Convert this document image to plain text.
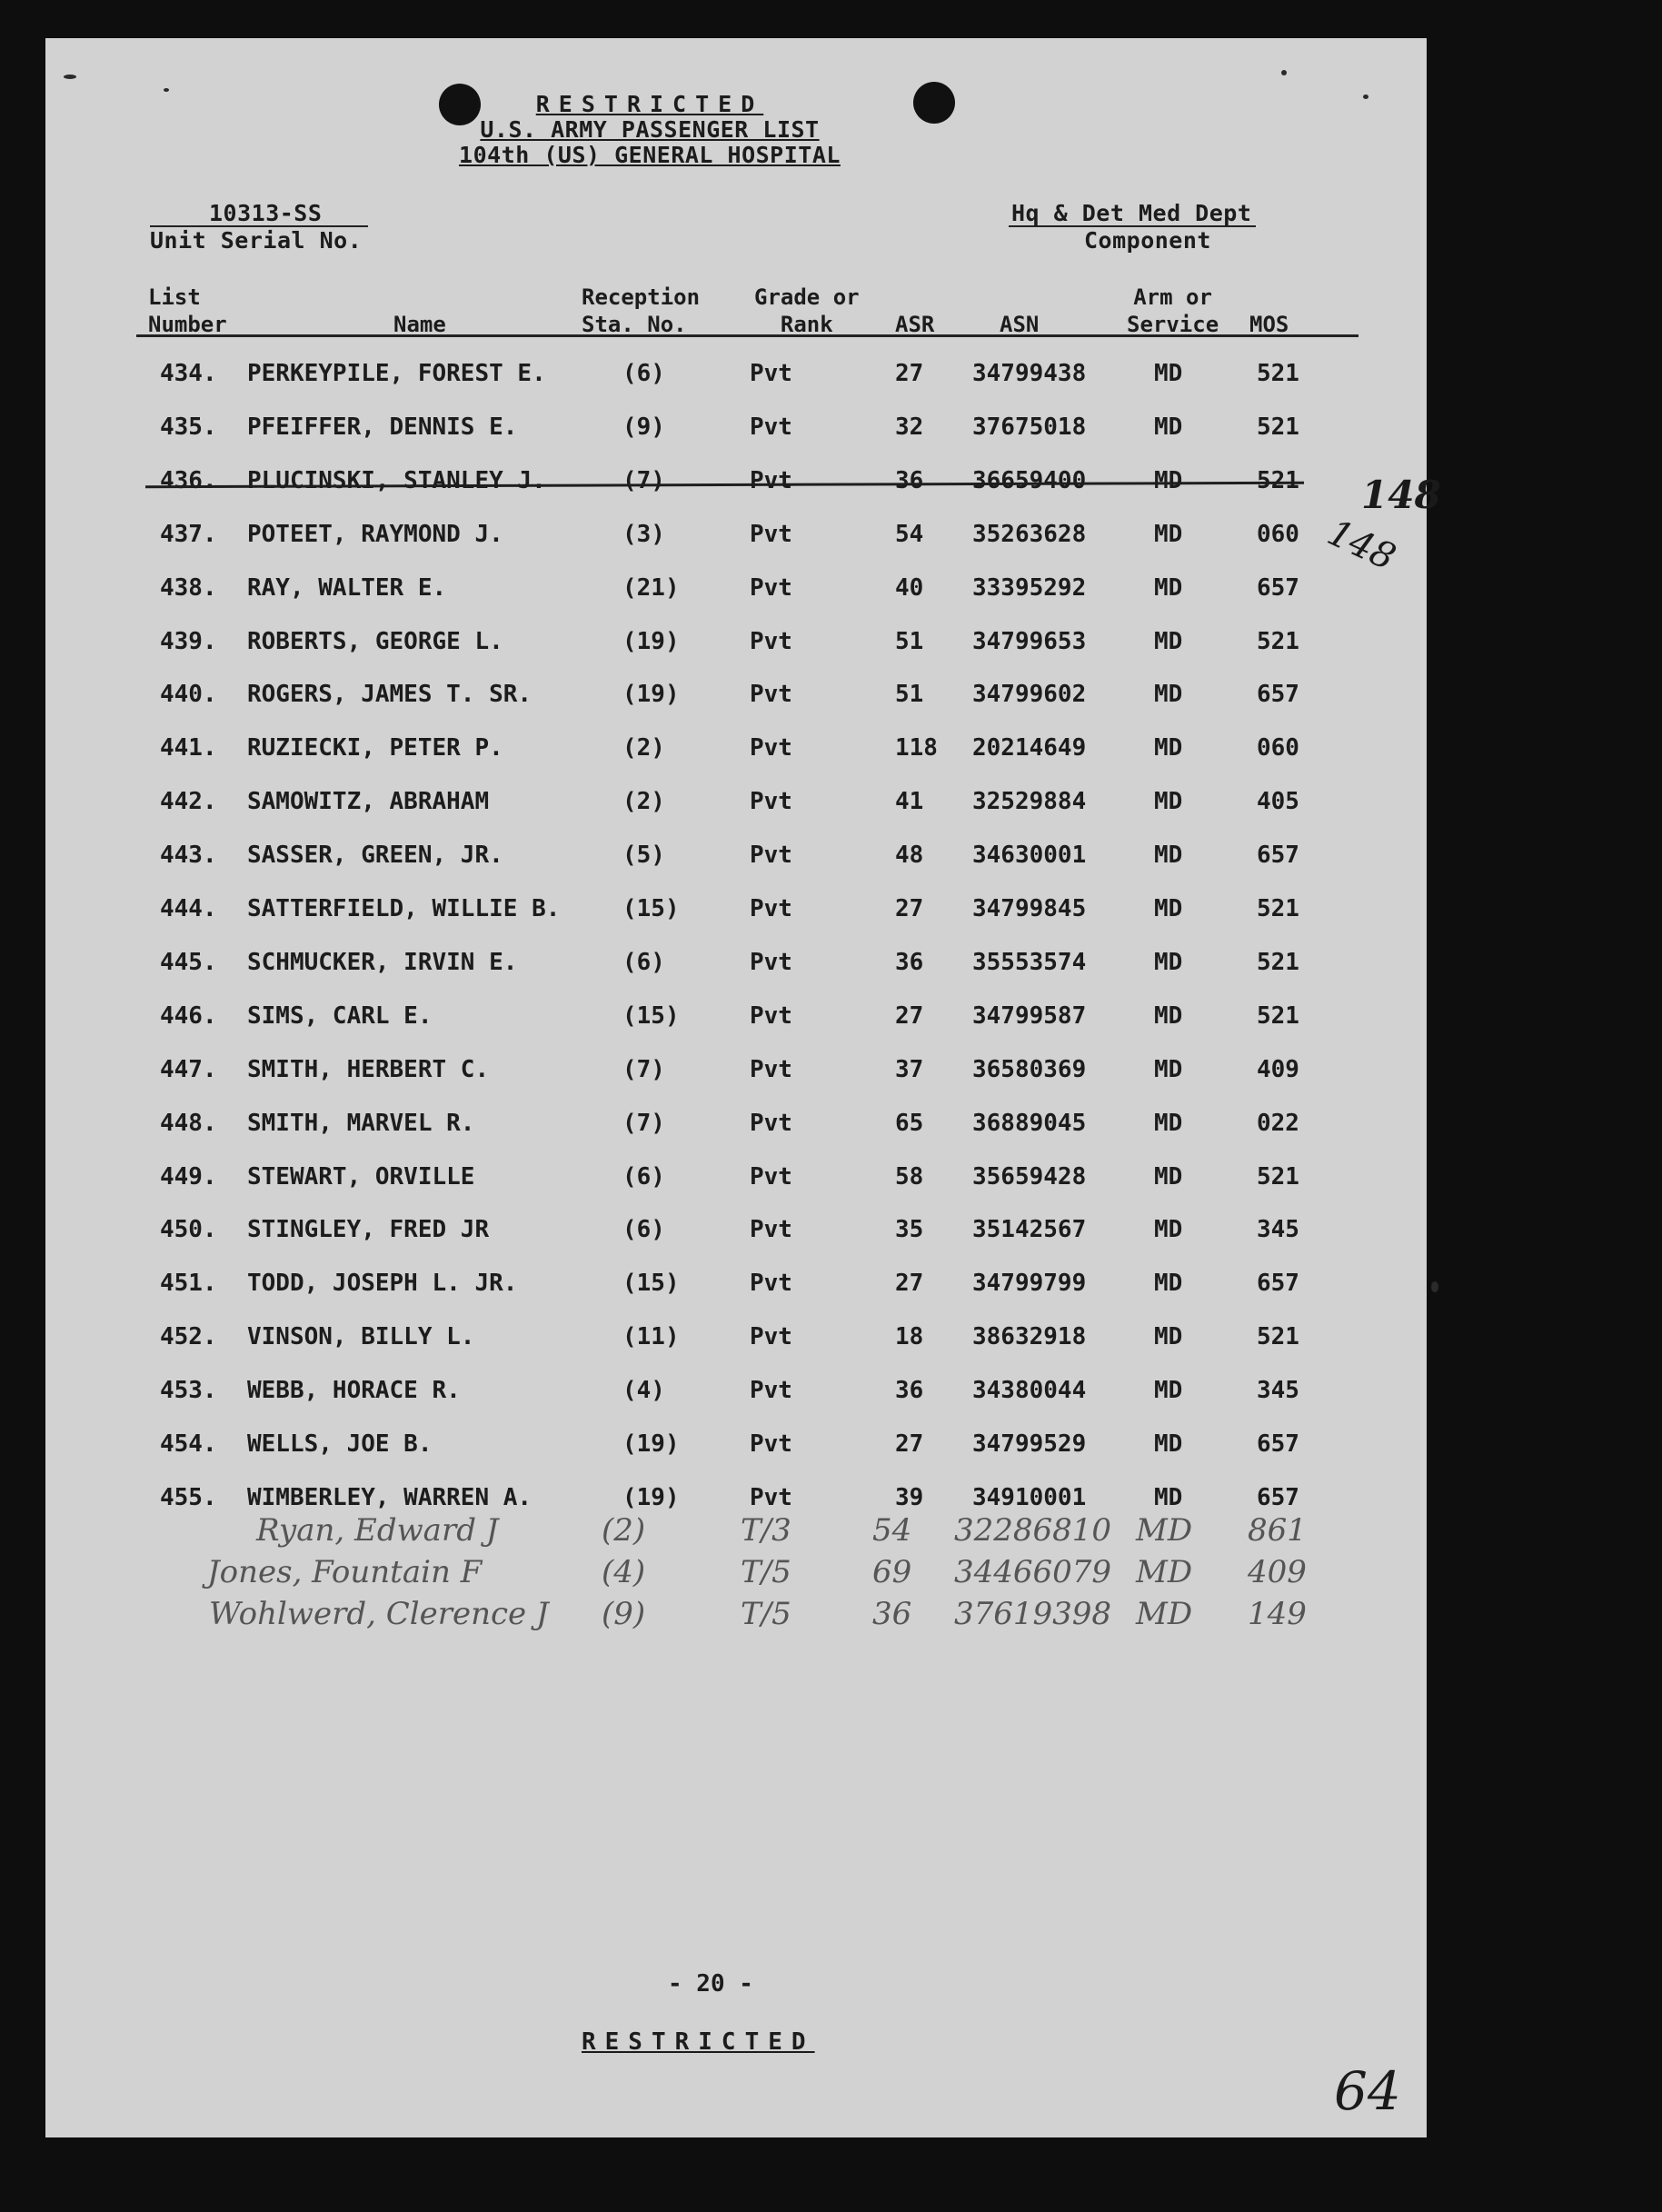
RESTRICTED
U.S. ARMY PASSENGER LIST
104th (US) GENERAL HOSPITAL
10313-SS
Unit Serial No.
Hq & Det Med Dept
Component
List
Number	Name
Reception
Sta. No.
Grade or
Rank	ASR	ASN
Arm or
Service MOS
434. PERKEYPILE, FOREST E.	(6)	Pvt	27 34799438	MD	521
435. PFEIFFER, DENNIS E.	(9)	Pvt	32 37675018	MD	521
436. PLUCINSKI, STANLEY J.	(7)	Pvt	36 36659400	MD	521
437. POTEET, RAYMOND J.	(3)	Pvt	54 35263628	MD	060
438. RAY, WALTER E.	(21)	Pvt	40 33395292	MD	657
439. ROBERTS, GEORGE L.	(19)	Pvt	51 34799653	MD	521
440. ROGERS, JAMES T. SR.	(19)	Pvt	51 34799602	MD	657
441. RUZIECKI, PETER P.	(2)	Pvt	118 20214649	MD	060
442. SAMOWITZ, ABRAHAM	(2)	Pvt	41 32529884	MD	405
443. SASSER, GREEN, JR.	(5)	Pvt	48 34630001	MD	657
444. SATTERFIELD, WILLIE B.	(15)	Pvt	27 34799845	MD	521
445. SCHMUCKER, IRVIN E.	(6)	Pvt	36 35553574	MD	521
446. SIMS, CARL E.	(15)	Pvt	27 34799587	MD	521
447. SMITH, HERBERT C.	(7)	Pvt	37 36580369	MD	409
448. SMITH, MARVEL R.	(7)	Pvt	65 36889045	MD	022
449. STEWART, ORVILLE	(6)	Pvt	58 35659428	MD	521
450. STINGLEY, FRED JR	(6)	Pvt	35 35142567	MD	345
451. TODD, JOSEPH L. JR.	(15)	Pvt	27 34799799	MD	657
452. VINSON, BILLY L.	(11)	Pvt	18 38632918	MD	521
453. WEBB, HORACE R.	(4)	Pvt	36 34380044	MD	345
454. WELLS, JOE B.	(19)	Pvt	27 34799529	MD	657
455. WIMBERLEY, WARREN A.	(19)	Pvt	39 34910001	MD	657
Ryan, Edward J	(2)	T/3	54 32286810 MD 861
Jones, Fountain F	(4)	T/5	69 34466079 MD 409
Wohlwerd, Clerence J (9)	T/5	36 37619398 MD 149
148
148
- 20 -
RESTRICTED
64
